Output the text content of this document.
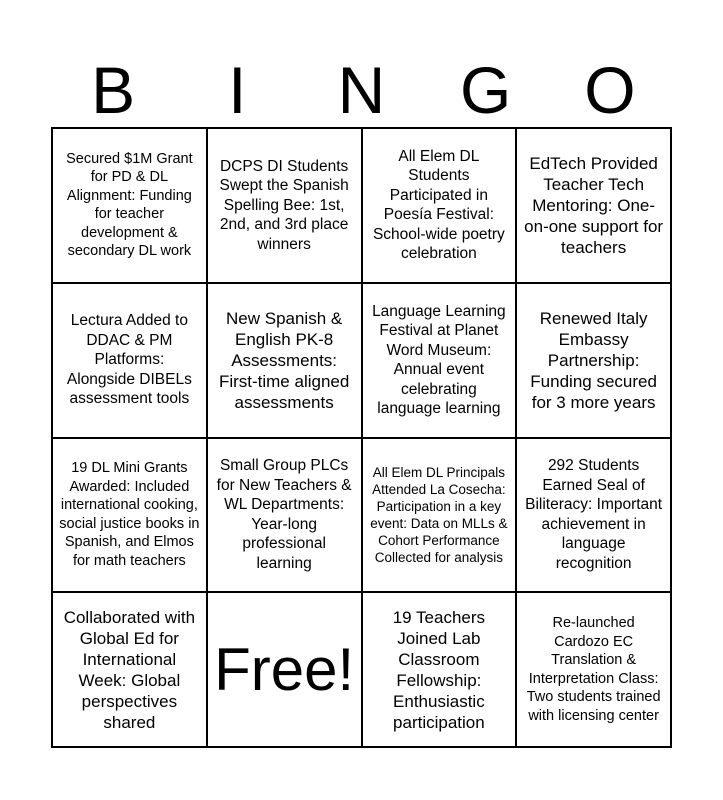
B	I	N	G	O
Secured $1M Grant for PD & DL Alignment: Funding for teacher development & secondary DL work
DCPS DI Students Swept the Spanish Spelling Bee: 1st, 2nd, and 3rd place winners
All Elem DL Students Participated in Poesía Festival: School-wide poetry celebration
EdTech Provided Teacher Tech Mentoring: One-on-one support for teachers
Lectura Added to DDAC & PM Platforms: Alongside DIBELs assessment tools
New Spanish & English PK-8 Assessments: First-time aligned assessments
Language Learning Festival at Planet Word Museum: Annual event celebrating language learning
Renewed Italy Embassy Partnership: Funding secured for 3 more years
19 DL Mini Grants Awarded: Included international cooking, social justice books in Spanish, and Elmos for math teachers
Small Group PLCs for New Teachers & WL Departments: Year-long professional learning
All Elem DL Principals Attended La Cosecha: Participation in a key event: Data on MLLs & Cohort Performance Collected for analysis
292 Students Earned Seal of Biliteracy: Important achievement in language recognition
Collaborated with Global Ed for International Week: Global perspectives shared
Free!
19 Teachers Joined Lab Classroom Fellowship: Enthusiastic participation
Re-launched Cardozo EC Translation & Interpretation Class: Two students trained with licensing center
